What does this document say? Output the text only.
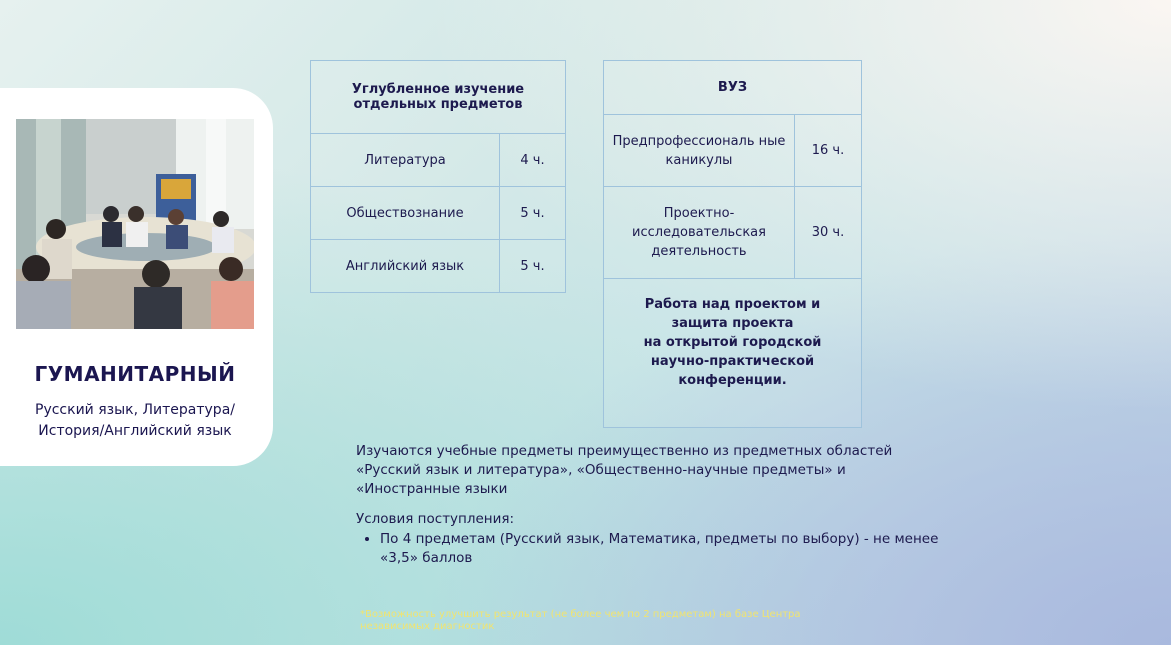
ГУМАНИТАРНЫЙ
Русский язык, Литература/
История/Английский язык
Углубленное изучение отдельных предметов	
Литература	4 ч.
Обществознание	5 ч.
Английский язык	5 ч.
ВУЗ	
Предпрофессиональ ные каникулы	16 ч.
Проектно-исследовательская деятельность	30 ч.

Работа над проектом и
защита проекта
на открытой городской
научно-практической
конференции.	
Изучаются учебные предметы преимущественно из предметных областей
«Русский язык и литература», «Общественно-научные предметы» и
«Иностранные языки
Условия поступления:
• По 4 предметам (Русский язык, Математика, предметы по выбору) - не менее «3,5» баллов
*Возможность улучшить результат (не более чем по 2 предметам) на базе Центра
независимых диагностик
